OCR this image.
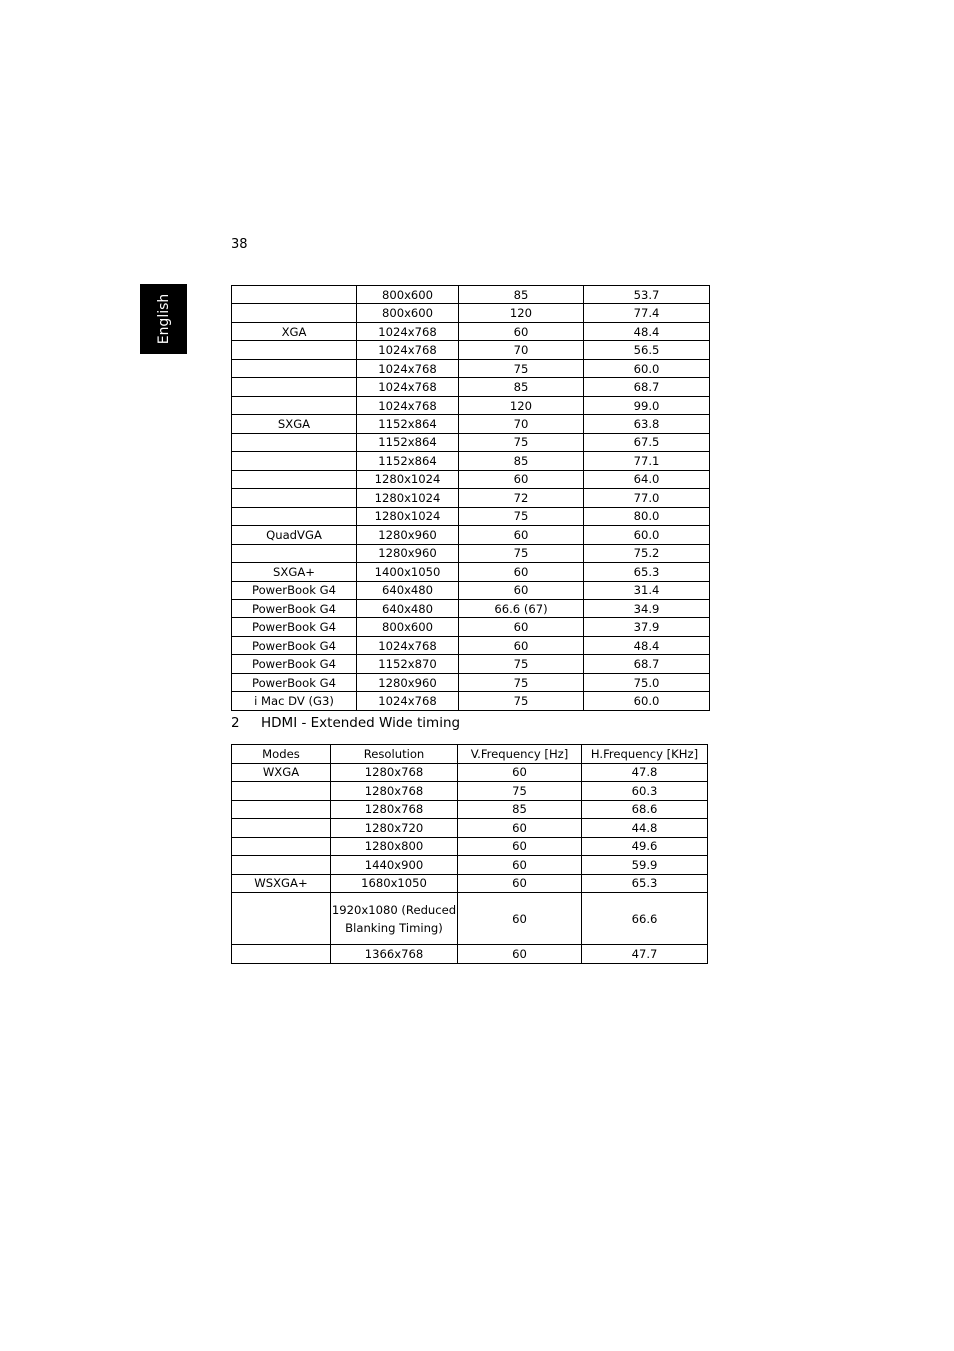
38
English
		800x600	85	53.7
	800x600	120	77.4
XGA	1024x768	60	48.4
	1024x768	70	56.5
	1024x768	75	60.0
	1024x768	85	68.7
	1024x768	120	99.0
SXGA	1152x864	70	63.8
	1152x864	75	67.5
	1152x864	85	77.1
	1280x1024	60	64.0
	1280x1024	72	77.0
	1280x1024	75	80.0
QuadVGA	1280x960	60	60.0
	1280x960	75	75.2
SXGA+	1400x1050	60	65.3
PowerBook G4	640x480	60	31.4
PowerBook G4	640x480	66.6 (67)	34.9
PowerBook G4	800x600	60	37.9
PowerBook G4	1024x768	60	48.4
PowerBook G4	1152x870	75	68.7
PowerBook G4	1280x960	75	75.0
i Mac DV (G3)	1024x768	75	60.0
2 HDMI - Extended Wide timing
Modes	Resolution	V.Frequency [Hz]	H.Frequency [KHz]
WXGA	1280x768	60	47.8
	1280x768	75	60.3
	1280x768	85	68.6
	1280x720	60	44.8
	1280x800	60	49.6
	1440x900	60	59.9
WSXGA+	1680x1050	60	65.3
	1920x1080 (Reduced Blanking Timing)	60	66.6
	1366x768	60	47.7
